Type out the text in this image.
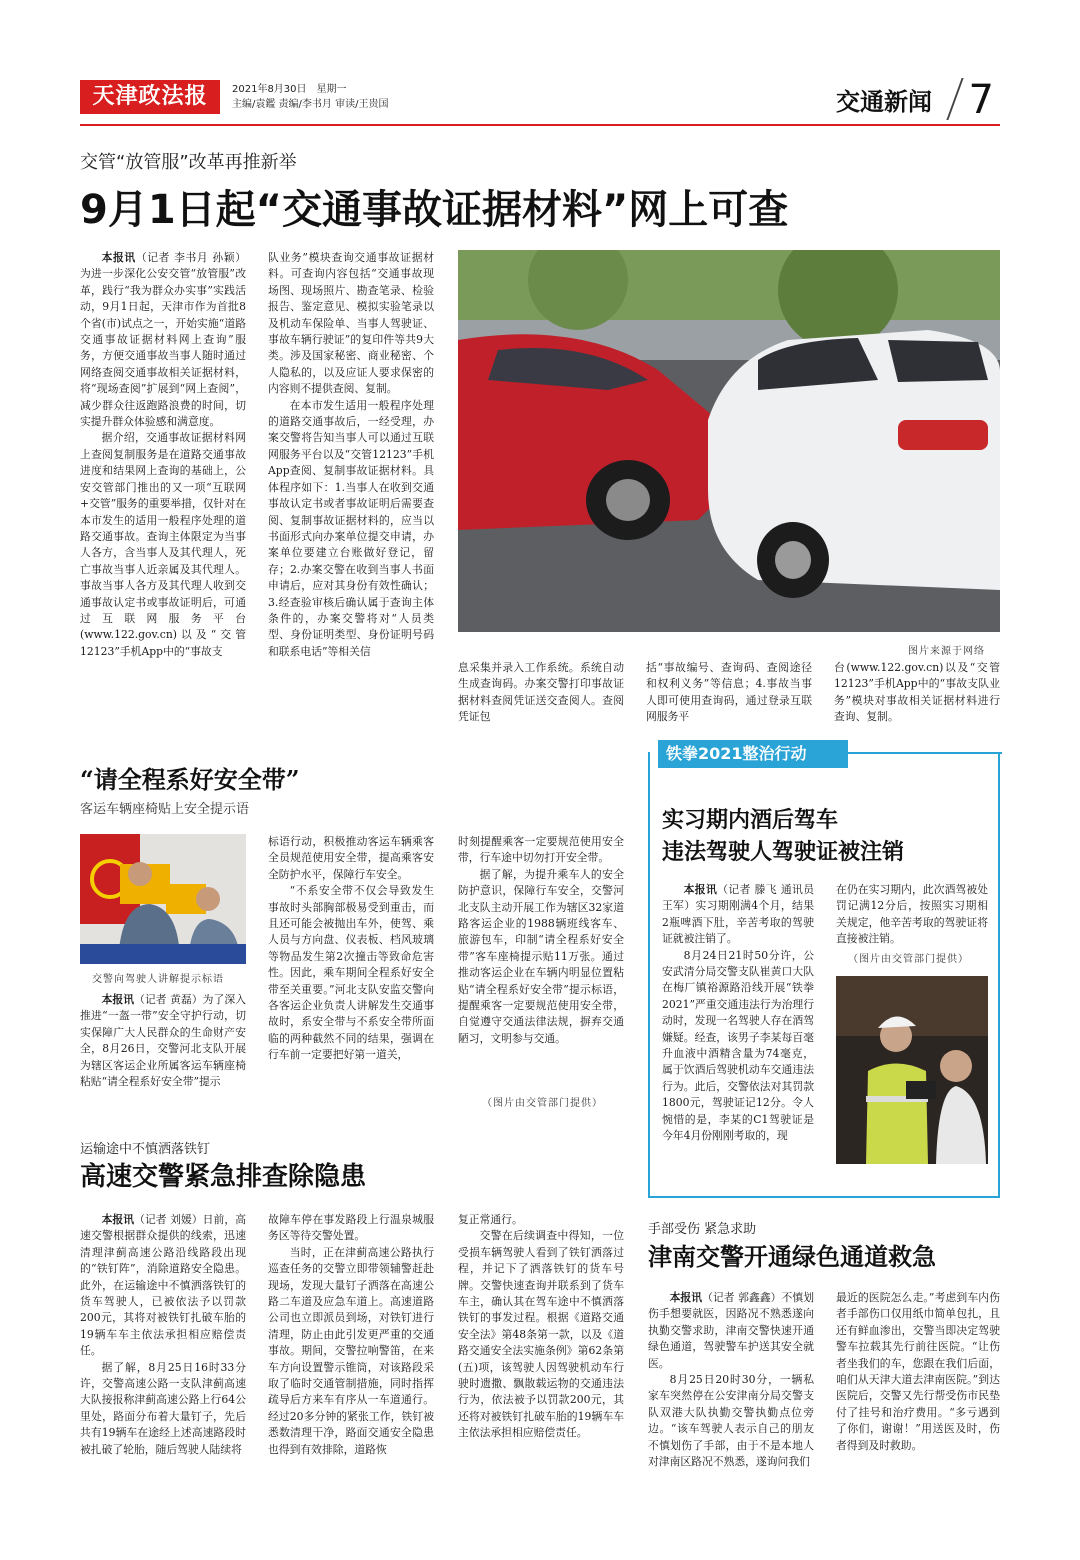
天津政法报	2021年8月30日　星期一
主编/袁鑑 责编/李书月 审读/王贵国	交通新闻 7
交管“放管服”改革再推新举
9月1日起“交通事故证据材料”网上可查

本报讯（记者 李书月 孙颖）为进一步深化公安交管“放管服”改革，践行“我为群众办实事”实践活动，9月1日起，天津市作为首批8个省(市)试点之一，开始实施“道路交通事故证据材料网上查询”服务，方便交通事故当事人随时通过网络查阅交通事故相关证据材料，将“现场查阅”扩展到“网上查阅”，减少群众往返跑路浪费的时间，切实提升群众体验感和满意度。

据介绍，交通事故证据材料网上查阅复制服务是在道路交通事故进度和结果网上查询的基础上，公安交管部门推出的又一项“互联网+交管”服务的重要举措，仅针对在本市发生的适用一般程序处理的道路交通事故。查询主体限定为当事人各方，含当事人及其代理人，死亡事故当事人近亲属及其代理人。事故当事人各方及其代理人收到交通事故认定书或事故证明后，可通过互联网服务平台(www.122.gov.cn)以及“交管12123”手机App中的“事故支

队业务”模块查询交通事故证据材料。可查询内容包括“交通事故现场图、现场照片、勘查笔录、检验报告、鉴定意见、模拟实验笔录以及机动车保险单、当事人驾驶证、事故车辆行驶证”的复印件等共9大类。涉及国家秘密、商业秘密、个人隐私的，以及应证人要求保密的内容则不提供查阅、复制。

在本市发生适用一般程序处理的道路交通事故后，一经受理，办案交警将告知当事人可以通过互联网服务平台以及“交管12123”手机App查阅、复制事故证据材料。具体程序如下：1.当事人在收到交通事故认定书或者事故证明后需要查阅、复制事故证据材料的，应当以书面形式向办案单位提交申请，办案单位要建立台账做好登记，留存；2.办案交警在收到当事人书面申请后，应对其身份有效性确认；3.经查验审核后确认属于查询主体条件的，办案交警将对“人员类型、身份证明类型、身份证明号码和联系电话”等相关信	图片来源于网络

息采集并录入工作系统。系统自动生成查询码。办案交警打印事故证据材料查阅凭证送交查阅人。查阅凭证包

括“事故编号、查询码、查阅途径和权利义务”等信息；4.事故当事人即可使用查询码，通过登录互联网服务平

台(www.122.gov.cn)以及“交管12123”手机App中的“事故支队业务”模块对事故相关证据材料进行查询、复制。

“请全程系好安全带”
客运车辆座椅贴上安全提示语
交警向驾驶人讲解提示标语

本报讯（记者 黄磊）为了深入推进“一盔一带”安全守护行动，切实保障广大人民群众的生命财产安全，8月26日，交警河北支队开展为辖区客运企业所属客运车辆座椅粘贴“请全程系好安全带”提示

标语行动，积极推动客运车辆乘客全员规范使用安全带，提高乘客安全防护水平，保障行车安全。

“不系安全带不仅会导致发生事故时头部胸部极易受到重击，而且还可能会被抛出车外，使驾、乘人员与方向盘、仪表板、档风玻璃等物品发生第2次撞击等致命危害性。因此，乘车期间全程系好安全带至关重要。”河北支队安监交警向各客运企业负责人讲解发生交通事故时，系安全带与不系安全带所面临的两种截然不同的结果，强调在行车前一定要把好第一道关，

时刻提醒乘客一定要规范使用安全带，行车途中切勿打开安全带。

据了解，为提升乘车人的安全防护意识，保障行车安全，交警河北支队主动开展工作为辖区32家道路客运企业的1988辆班线客车、旅游包车，印制“请全程系好安全带”客车座椅提示贴11万张。通过推动客运企业在车辆内明显位置粘贴“请全程系好安全带”提示标语，提醒乘客一定要规范使用安全带，自觉遵守交通法律法规，摒弃交通陋习，文明参与交通。

（图片由交管部门提供）
铁拳2021整治行动
实习期内酒后驾车
违法驾驶人驾驶证被注销

本报讯（记者 滕飞 通讯员 王军）实习期刚满4个月，结果2瓶啤酒下肚，辛苦考取的驾驶证就被注销了。

8月24日21时50分许，公安武清分局交警支队崔黄口大队在梅厂镇裕源路沿线开展“铁拳2021”严重交通违法行为治理行动时，发现一名驾驶人存在酒驾嫌疑。经查，该男子李某每百毫升血液中酒精含量为74毫克，属于饮酒后驾驶机动车交通违法行为。此后，交警依法对其罚款1800元，驾驶证记12分。令人惋惜的是，李某的C1驾驶证是今年4月份刚刚考取的，现

在仍在实习期内，此次酒驾被处罚记满12分后，按照实习期相关规定，他辛苦考取的驾驶证将直接被注销。

（图片由交管部门提供）
运输途中不慎洒落铁钉
高速交警紧急排查除隐患

本报讯（记者 刘媛）日前，高速交警根据群众提供的线索，迅速清理津蓟高速公路沿线路段出现的“铁钉阵”，消除道路安全隐患。此外，在运输途中不慎洒落铁钉的货车驾驶人，已被依法予以罚款200元，其将对被铁钉扎破车胎的19辆车车主依法承担相应赔偿责任。

据了解，8月25日16时33分许，交警高速公路一支队津蓟高速大队接报称津蓟高速公路上行64公里处，路面分布着大量钉子，先后共有19辆车在途经上述高速路段时被扎破了轮胎，随后驾驶人陆续将

故障车停在事发路段上行温泉城服务区等待交警处置。

当时，正在津蓟高速公路执行巡查任务的交警立即带领辅警赶赴现场，发现大量钉子洒落在高速公路二车道及应急车道上。高速道路公司也立即派员到场，对铁钉进行清理，防止由此引发更严重的交通事故。期间，交警拉响警笛，在来车方向设置警示锥筒，对该路段采取了临时交通管制措施，同时指挥疏导后方来车有序从一车道通行。经过20多分钟的紧张工作，铁钉被悉数清理干净，路面交通安全隐患也得到有效排除，道路恢

复正常通行。

交警在后续调查中得知，一位受损车辆驾驶人看到了铁钉洒落过程，并记下了洒落铁钉的货车号牌。交警快速查询并联系到了货车车主，确认其在驾车途中不慎洒落铁钉的事发过程。根据《道路交通安全法》第48条第一款，以及《道路交通安全法实施条例》第62条第(五)项，该驾驶人因驾驶机动车行驶时遗撒、飘散载运物的交通违法行为，依法被予以罚款200元，其还将对被铁钉扎破车胎的19辆车车主依法承担相应赔偿责任。

手部受伤 紧急求助
津南交警开通绿色通道救急

本报讯（记者 郭鑫鑫）不慎划伤手想要就医，因路况不熟悉遂向执勤交警求助，津南交警快速开通绿色通道，驾驶警车护送其安全就医。

8月25日20时30分，一辆私家车突然停在公安津南分局交警支队双港大队执勤交警执勤点位旁边。“该车驾驶人表示自己的朋友不慎划伤了手部，由于不是本地人对津南区路况不熟悉，遂询问我们

最近的医院怎么走。”考虑到车内伤者手部伤口仅用纸巾简单包扎，且还有鲜血渗出，交警当即决定驾驶警车拉载其先行前往医院。“让伤者坐我们的车，您跟在我们后面，咱们从天津大道去津南医院。”到达医院后，交警又先行帮受伤市民垫付了挂号和治疗费用。“多亏遇到了你们，谢谢！”用送医及时，伤者得到及时救助。
